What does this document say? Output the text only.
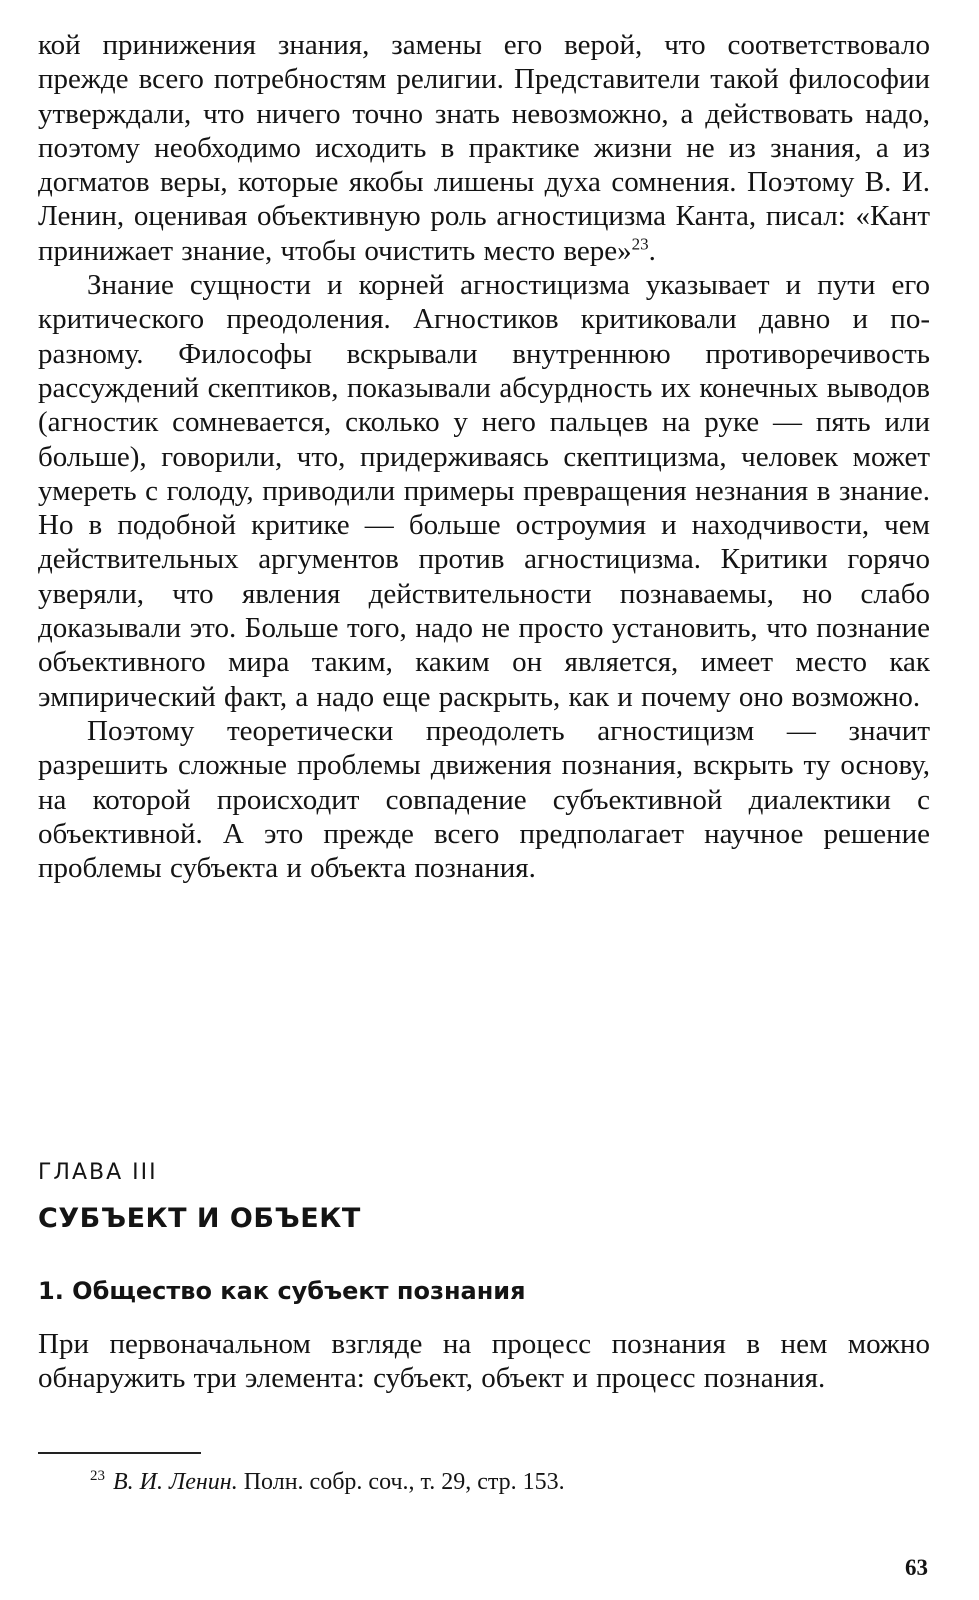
кой принижения знания, замены его верой, что соответствовало прежде всего потребностям религии. Представители такой философии утверждали, что ничего точно знать невозможно, а действовать надо, поэтому необходимо исходить в практике жизни не из знания, а из догматов веры, которые якобы лишены духа сомнения. Поэтому В. И. Ленин, оценивая объективную роль агностицизма Канта, писал: «Кант принижает знание, чтобы очистить место вере»$^{23}$.

Знание сущности и корней агностицизма указывает и пути его критического преодоления. Агностиков критиковали давно и по-разному. Философы вскрывали внутреннюю противоречивость рассуждений скептиков, показывали абсурдность их конечных выводов (агностик сомневается, сколько у него пальцев на руке — пять или больше), говорили, что, придерживаясь скептицизма, человек может умереть с голоду, приводили примеры превращения незнания в знание. Но в подобной критике — больше остроумия и находчивости, чем действительных аргументов против агностицизма. Критики горячо уверяли, что явления действительности познаваемы, но слабо доказывали это. Больше того, надо не просто установить, что познание объективного мира таким, каким он является, имеет место как эмпирический факт, а надо еще раскрыть, как и почему оно возможно.

Поэтому теоретически преодолеть агностицизм — значит разрешить сложные проблемы движения познания, вскрыть ту основу, на которой происходит совпадение субъективной диалектики с объективной. А это прежде всего предполагает научное решение проблемы субъекта и объекта познания.

ГЛАВА III

СУБЪЕКТ И ОБЪЕКТ
1. Общество как субъект познания

При первоначальном взгляде на процесс познания в нем можно обнаружить три элемента: субъект, объект и процесс познания.

$^{23}$ В. И. Ленин. Полн. собр. соч., т. 29, стр. 153.

63
